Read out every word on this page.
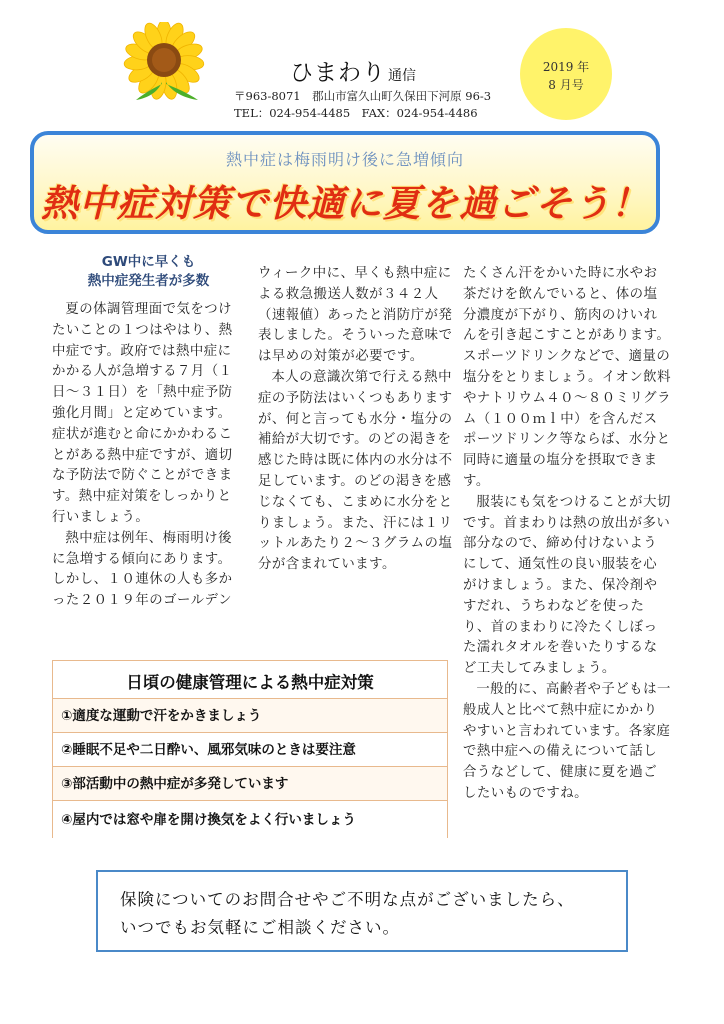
ひまわり 通信
〒963-8071　郡山市富久山町久保田下河原 96-3
TEL：024-954-4485　FAX：024-954-4486
2019 年
8 月号
熱中症は梅雨明け後に急増傾向
熱中症対策で快適に夏を過ごそう！
GW中に早くも
熱中症発生者が多数

夏の体調管理面で気をつけたいことの１つはやはり、熱中症です。政府では熱中症にかかる人が急増する７月（１日〜３１日）を「熱中症予防強化月間」と定めています。症状が進むと命にかかわることがある熱中症ですが、適切な予防法で防ぐことができます。熱中症対策をしっかりと行いましょう。

熱中症は例年、梅雨明け後に急増する傾向にあります。しかし、１０連休の人も多かった２０１９年のゴールデン

ウィーク中に、早くも熱中症による救急搬送人数が３４２人（速報値）あったと消防庁が発表しました。そういった意味では早めの対策が必要です。

本人の意識次第で行える熱中症の予防法はいくつもありますが、何と言っても水分・塩分の補給が大切です。のどの渇きを感じた時は既に体内の水分は不足しています。のどの渇きを感じなくても、こまめに水分をとりましょう。また、汗には１リットルあたり２〜３グラムの塩分が含まれています。

たくさん汗をかいた時に水やお茶だけを飲んでいると、体の塩分濃度が下がり、筋肉のけいれんを引き起こすことがあります。スポーツドリンクなどで、適量の塩分をとりましょう。イオン飲料やナトリウム４０〜８０ミリグラム（１００ｍｌ中）を含んだスポーツドリンク等ならば、水分と同時に適量の塩分を摂取できます。

服装にも気をつけることが大切です。首まわりは熱の放出が多い部分なので、締め付けないようにして、通気性の良い服装を心がけましょう。また、保冷剤やすだれ、うちわなどを使ったり、首のまわりに冷たくしぼった濡れタオルを巻いたりするなど工夫してみましょう。

一般的に、高齢者や子どもは一般成人と比べて熱中症にかかりやすいと言われています。各家庭で熱中症への備えについて話し合うなどして、健康に夏を過ごしたいものですね。

日頃の健康管理による熱中症対策
①適度な運動で汗をかきましょう
②睡眠不足や二日酔い、風邪気味のときは要注意
③部活動中の熱中症が多発しています
④屋内では窓や扉を開け換気をよく行いましょう
保険についてのお問合せやご不明な点がございましたら、
いつでもお気軽にご相談ください。
